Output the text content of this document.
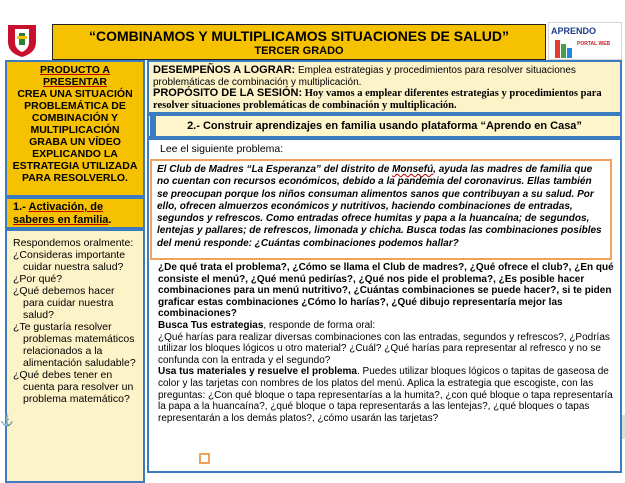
“COMBINAMOS Y MULTIPLICAMOS SITUACIONES DE SALUD”
TERCER GRADO
APRENDO
PORTAL WEB
PRODUCTO A PRESENTAR
CREA UNA SITUACIÓN PROBLEMÁTICA DE COMBINACIÓN Y MULTIPLICACIÓN GRABA UN VÍDEO EXPLICANDO LA ESTRATEGIA UTILIZADA PARA RESOLVERLO.
1.- Activación, de saberes en familia.

Respondemos oralmente:

¿Consideras importante cuidar nuestra salud?

¿Por qué?

¿Qué debemos hacer para cuidar nuestra salud?

¿Te gustaría resolver problemas matemáticos relacionados a la alimentación saludable?

¿Qué debes tener en cuenta para resolver un problema matemático?

⚓
DESEMPEÑOS A LOGRAR: Emplea estrategias y procedimientos para resolver situaciones problemáticas de combinación y multiplicación.
PROPÓSITO DE LA SESIÓN: Hoy vamos a emplear diferentes estrategias y procedimientos para resolver situaciones problemáticas de combinación y multiplicación.
2.- Construir aprendizajes en familia usando plataforma “Aprendo en Casa”
Lee el siguiente problema:
El Club de Madres “La Esperanza” del distrito de Monsefú, ayuda las madres de familia que no cuentan con recursos económicos, debido a la pandemia del coronavirus. Ellas también se preocupan porque los niños consuman alimentos sanos que contribuyan a su salud. Por ello, ofrecen almuerzos económicos y nutritivos, haciendo combinaciones de entradas, segundos y refrescos. Como entradas ofrece humitas y papa a la huancaína; de segundos, lentejas y pallares; de refrescos, limonada y chicha. Busca todas las combinaciones posibles del menú responde: ¿Cuántas combinaciones podemos hallar?

¿De qué trata el problema?, ¿Cómo se llama el Club de madres?, ¿Qué ofrece el club?, ¿En qué consiste el menú?, ¿Qué menú pedirías?, ¿Qué nos pide el problema?, ¿Es posible hacer combinaciones para un menú nutritivo?, ¿Cuántas combinaciones se puede hacer?, si te piden graficar estas combinaciones ¿Cómo lo harías?, ¿Qué dibujo representaría mejor las combinaciones?

Busca Tus estrategias, responde de forma oral:

¿Qué harías para realizar diversas combinaciones con las entradas, segundos y refrescos?, ¿Podrías utilizar los bloques lógicos u otro material? ¿Cuál? ¿Qué harías para representar al refresco y no se confunda con la entrada y el segundo?

Usa tus materiales y resuelve el problema. Puedes utilizar bloques lógicos o tapitas de gaseosa de color y las tarjetas con nombres de los platos del menú. Aplica la estrategia que escogiste, con las preguntas: ¿Con qué bloque o tapa representarías a la humita?, ¿con qué bloque o tapa representaría la papa a la huancaína?, ¿qué bloque o tapa representarás a las lentejas?, ¿qué bloques o tapas representarán a los demás platos?, ¿cómo usarán las tarjetas?
